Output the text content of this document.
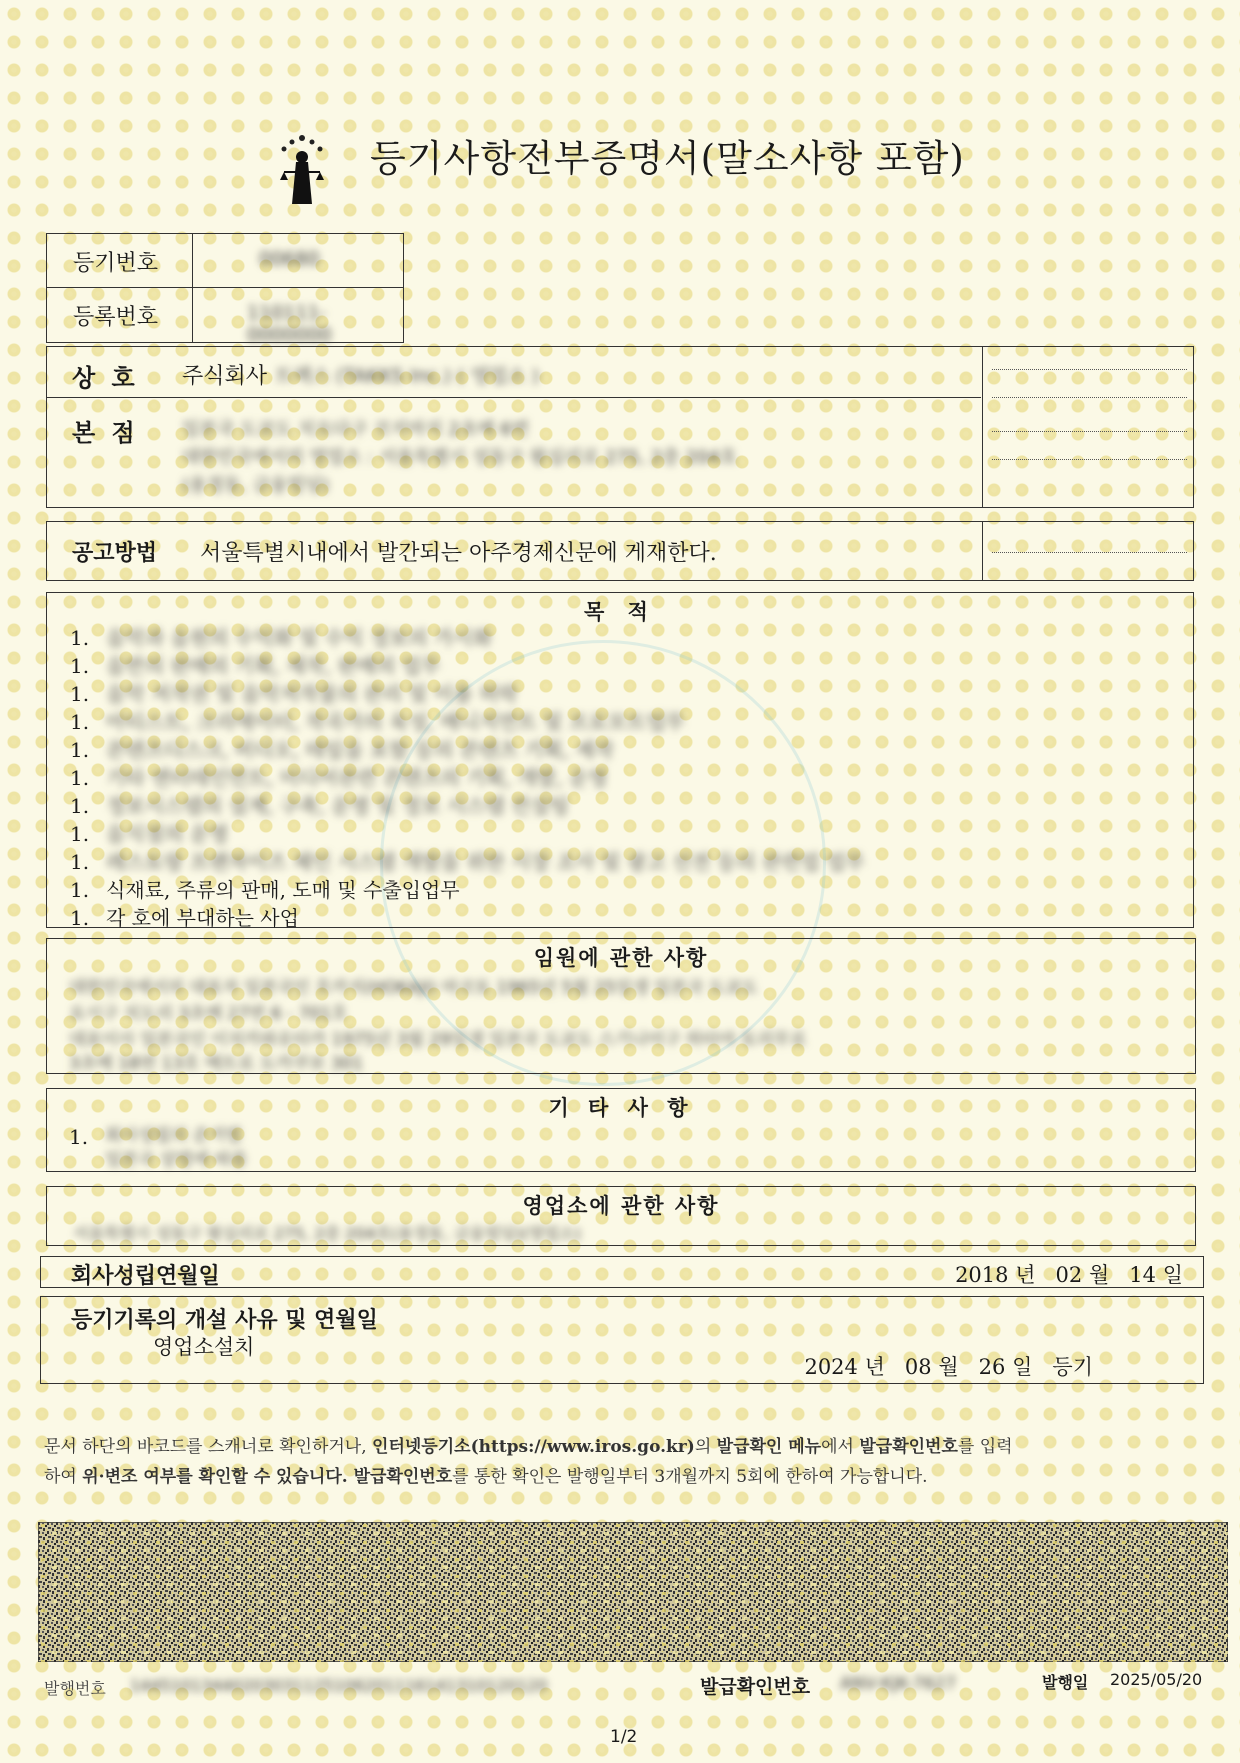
등기사항전부증명서(말소사항 포함)
등기번호	00680
등록번호	110111-0000000
상 호 주식회사 트랙스 (TAKKS Inc.) ( 영업소 )
본 점 일본국 도쿄도 치요다구 코지마치 2초메 6번
대한민국에서의 영업소 : 서울특별시 성동구 왕십리로 275, 2층 204호
(용정동, 금융빌딩)
공고방법 서울특별시내에서 발간되는 아주경제신문에 게재한다.
목 적
1. 음악과 음원의 수익화 및 수익 정보의 가시화
1. 음반의 판매의 기획, 제작, 판매의 업무
1. 음악 저작권 및 음악저작물의 관리 및 이용 허락
1. 아티스트, 크리에이터, 작곡가의 육성, 매니지먼트 및 프로모트업무
1. 콘텐츠디스크, 비디오, 테잎을 포함 등의 콘텐츠 기획, 제작
1. 기타 엔터테인먼트, 미디어관련 콘텐츠의 기획, 개발, 운영
1. 정보시스템의 설계, 구축, 운영 및 정보 시스템 컨설팅
1. 음식점의 운영
1. 레스토랑 프랜차이즈 체인 시스템 개발을 위한 시장 조사 및 광고 선전 등의 관련업 업무
1. 식재료, 주류의 판매, 도매 및 수출입업무
1. 각 호에 부대하는 사업
임원에 관한 사항
대한민국에서의 대표자 일본국인 호카지(HOKAJI) 마코토 1965년 5월 25일생 일본국 도쿄도
요시구 치도리 3초메 27번 6 - 701호
대표이사 일본국인 이치카와유타카 1975년 3월 29일생 일본국 도쿄도 스기나미구 하타야 토리무로
3초메 18번 13호 메트로 도카쿠보 301
기 타 사 항
1. 회사성립의 준거법
일본국 상법에 따름
영업소에 관한 사항
서울특별시 성동구 왕십리로 275, 2층 204호(용정동, 금융빌딩)(영업소)
회사성립연월일	2018 년 02 월 14 일
등기기록의 개설 사유 및 연월일
영업소설치
2024 년 08 월 26 일 등기
문서 하단의 바코드를 스캐너로 확인하거나, 인터넷등기소(https://www.iros.go.kr)의 발급확인 메뉴에서 발급확인번호를 입력
하여 위·변조 여부를 확인할 수 있습니다. 발급확인번호를 통한 확인은 발행일부터 3개월까지 5회에 한하여 가능합니다.
발행번호 14451013440203031125106201116141310120120	발급확인번호 ANV-KJK-7627	발행일 2025/05/20
1/2
